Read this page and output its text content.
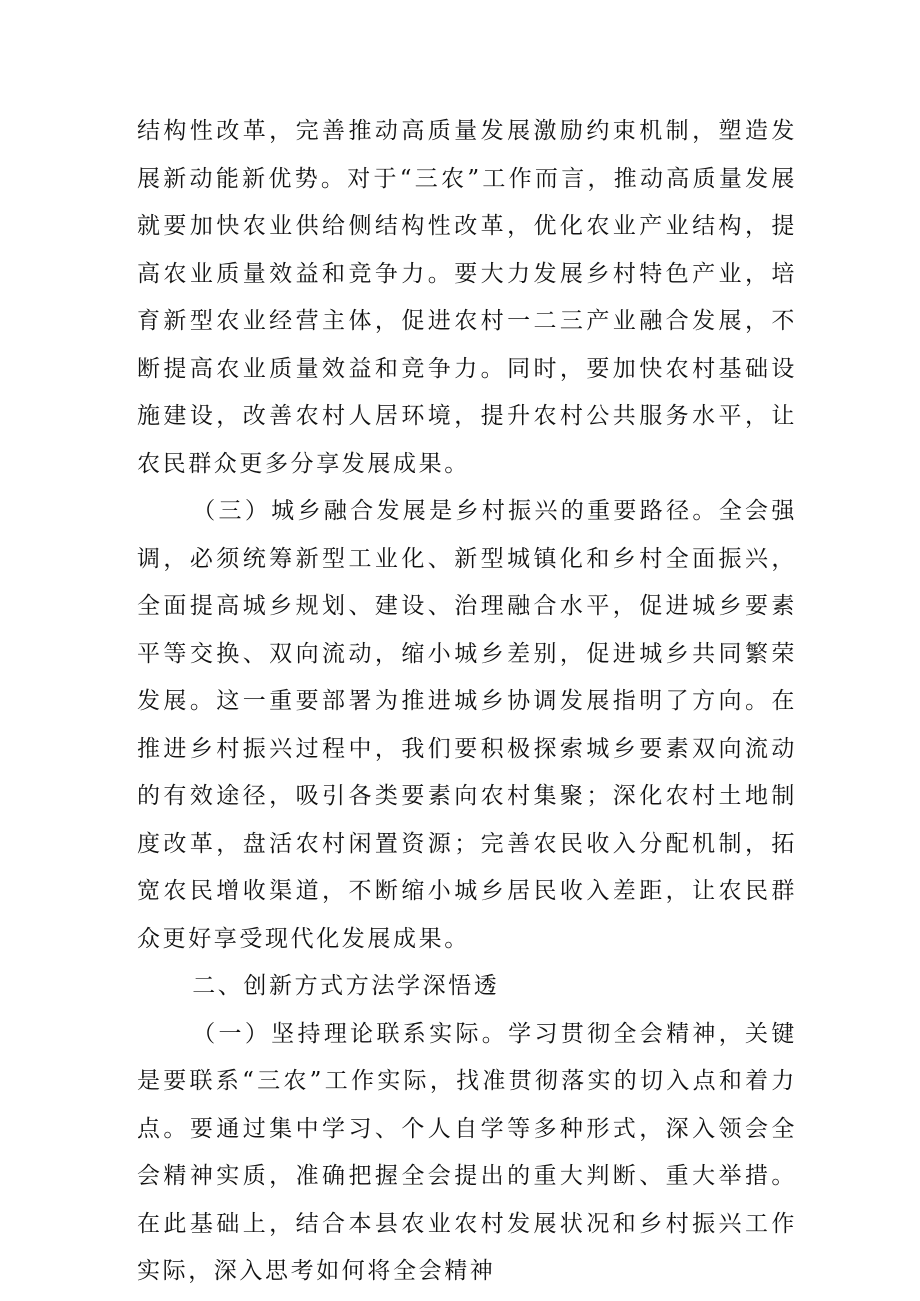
结构性改革，完善推动高质量发展激励约束机制，塑造发展新动能新优势。对于“三农”工作而言，推动高质量发展就要加快农业供给侧结构性改革，优化农业产业结构，提高农业质量效益和竞争力。要大力发展乡村特色产业，培育新型农业经营主体，促进农村一二三产业融合发展，不断提高农业质量效益和竞争力。同时，要加快农村基础设施建设，改善农村人居环境，提升农村公共服务水平，让农民群众更多分享发展成果。

（三）城乡融合发展是乡村振兴的重要路径。全会强调，必须统筹新型工业化、新型城镇化和乡村全面振兴，全面提高城乡规划、建设、治理融合水平，促进城乡要素平等交换、双向流动，缩小城乡差别，促进城乡共同繁荣发展。这一重要部署为推进城乡协调发展指明了方向。在推进乡村振兴过程中，我们要积极探索城乡要素双向流动的有效途径，吸引各类要素向农村集聚；深化农村土地制度改革，盘活农村闲置资源；完善农民收入分配机制，拓宽农民增收渠道，不断缩小城乡居民收入差距，让农民群众更好享受现代化发展成果。

二、创新方式方法学深悟透

（一）坚持理论联系实际。学习贯彻全会精神，关键是要联系“三农”工作实际，找准贯彻落实的切入点和着力点。要通过集中学习、个人自学等多种形式，深入领会全会精神实质，准确把握全会提出的重大判断、重大举措。在此基础上，结合本县农业农村发展状况和乡村振兴工作实际，深入思考如何将全会精神
